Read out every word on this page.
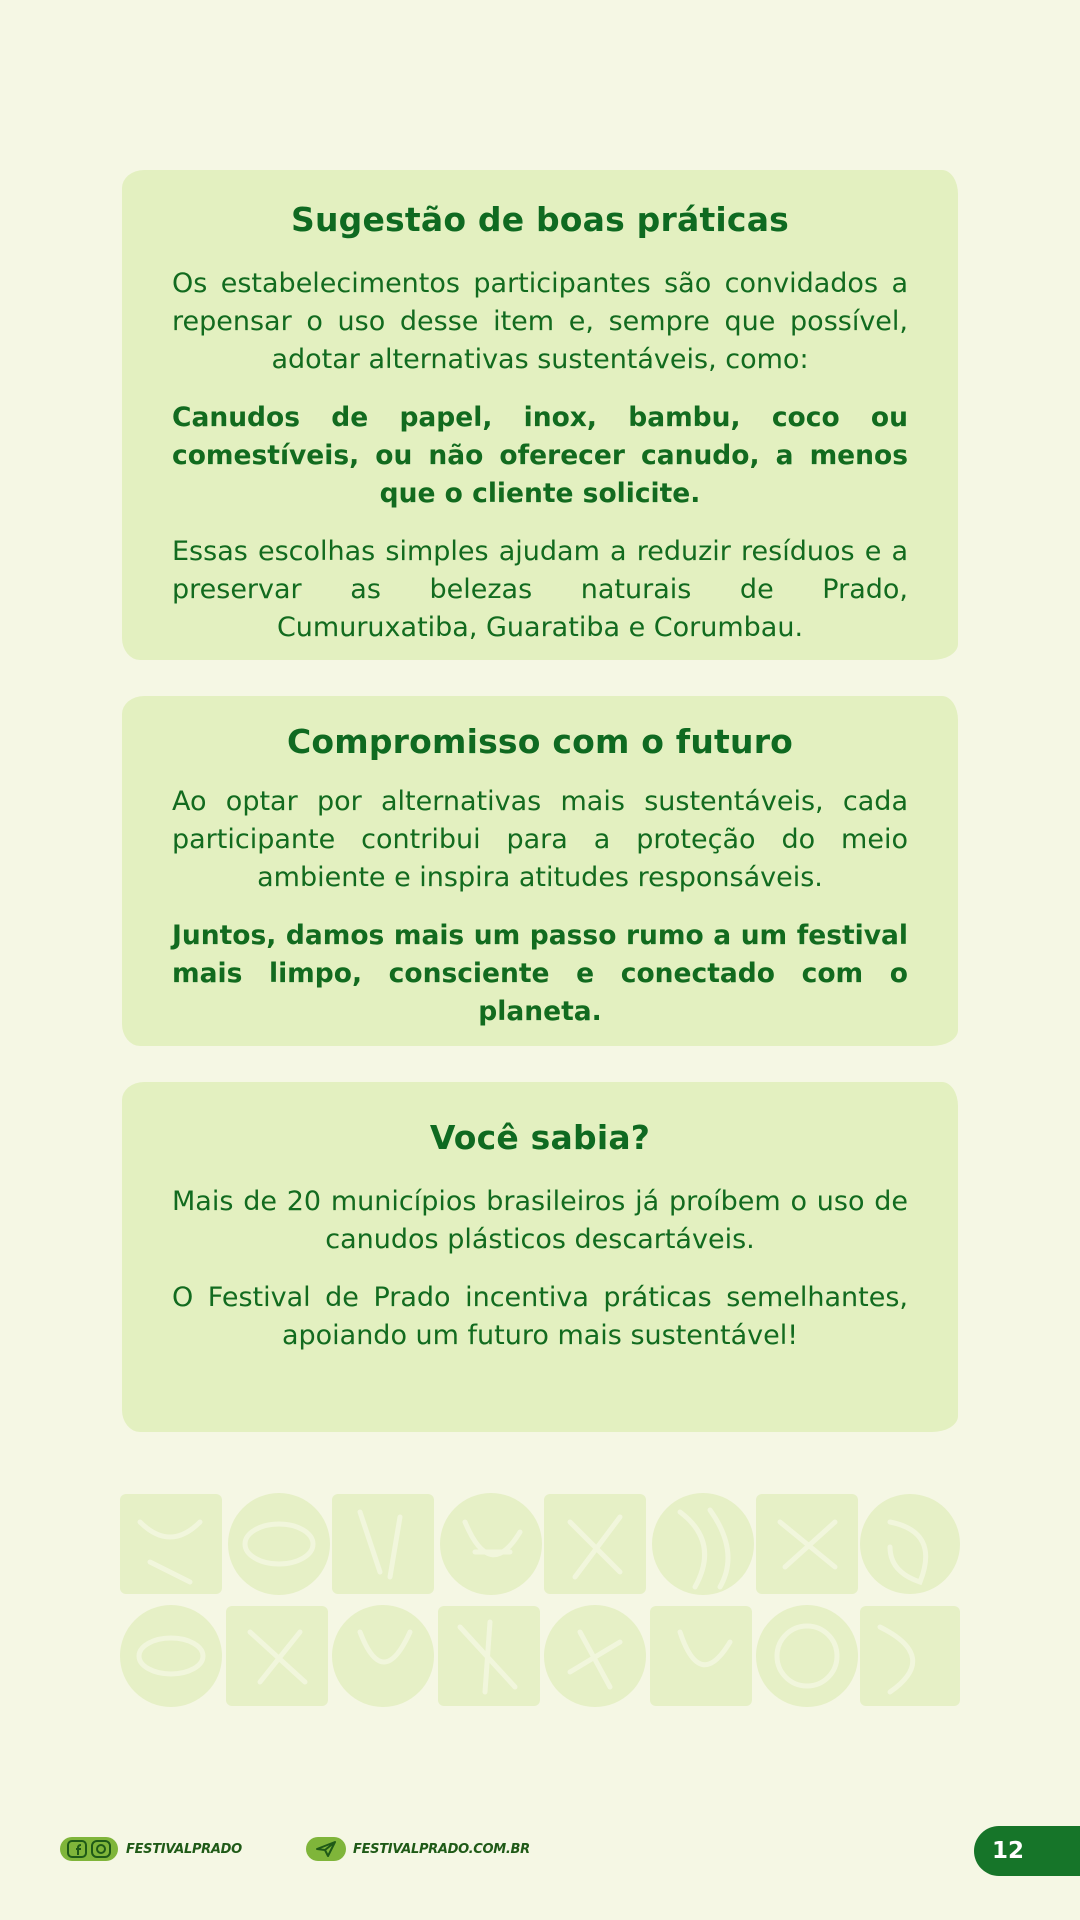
Sugestão de boas práticas

Os estabelecimentos participantes são convidados a repensar o uso desse item e, sempre que possível, adotar alternativas sustentáveis, como:

Canudos de papel, inox, bambu, coco ou comestíveis, ou não oferecer canudo, a menos que o cliente solicite.

Essas escolhas simples ajudam a reduzir resíduos e a preservar as belezas naturais de Prado, Cumuruxatiba, Guaratiba e Corumbau.

Compromisso com o futuro

Ao optar por alternativas mais sustentáveis, cada participante contribui para a proteção do meio ambiente e inspira atitudes responsáveis.

Juntos, damos mais um passo rumo a um festival mais limpo, consciente e conectado com o planeta.

Você sabia?

Mais de 20 municípios brasileiros já proíbem o uso de canudos plásticos descartáveis.

O Festival de Prado incentiva práticas semelhantes, apoiando um futuro mais sustentável!

FESTIVALPRADO	FESTIVALPRADO.COM.BR	12
